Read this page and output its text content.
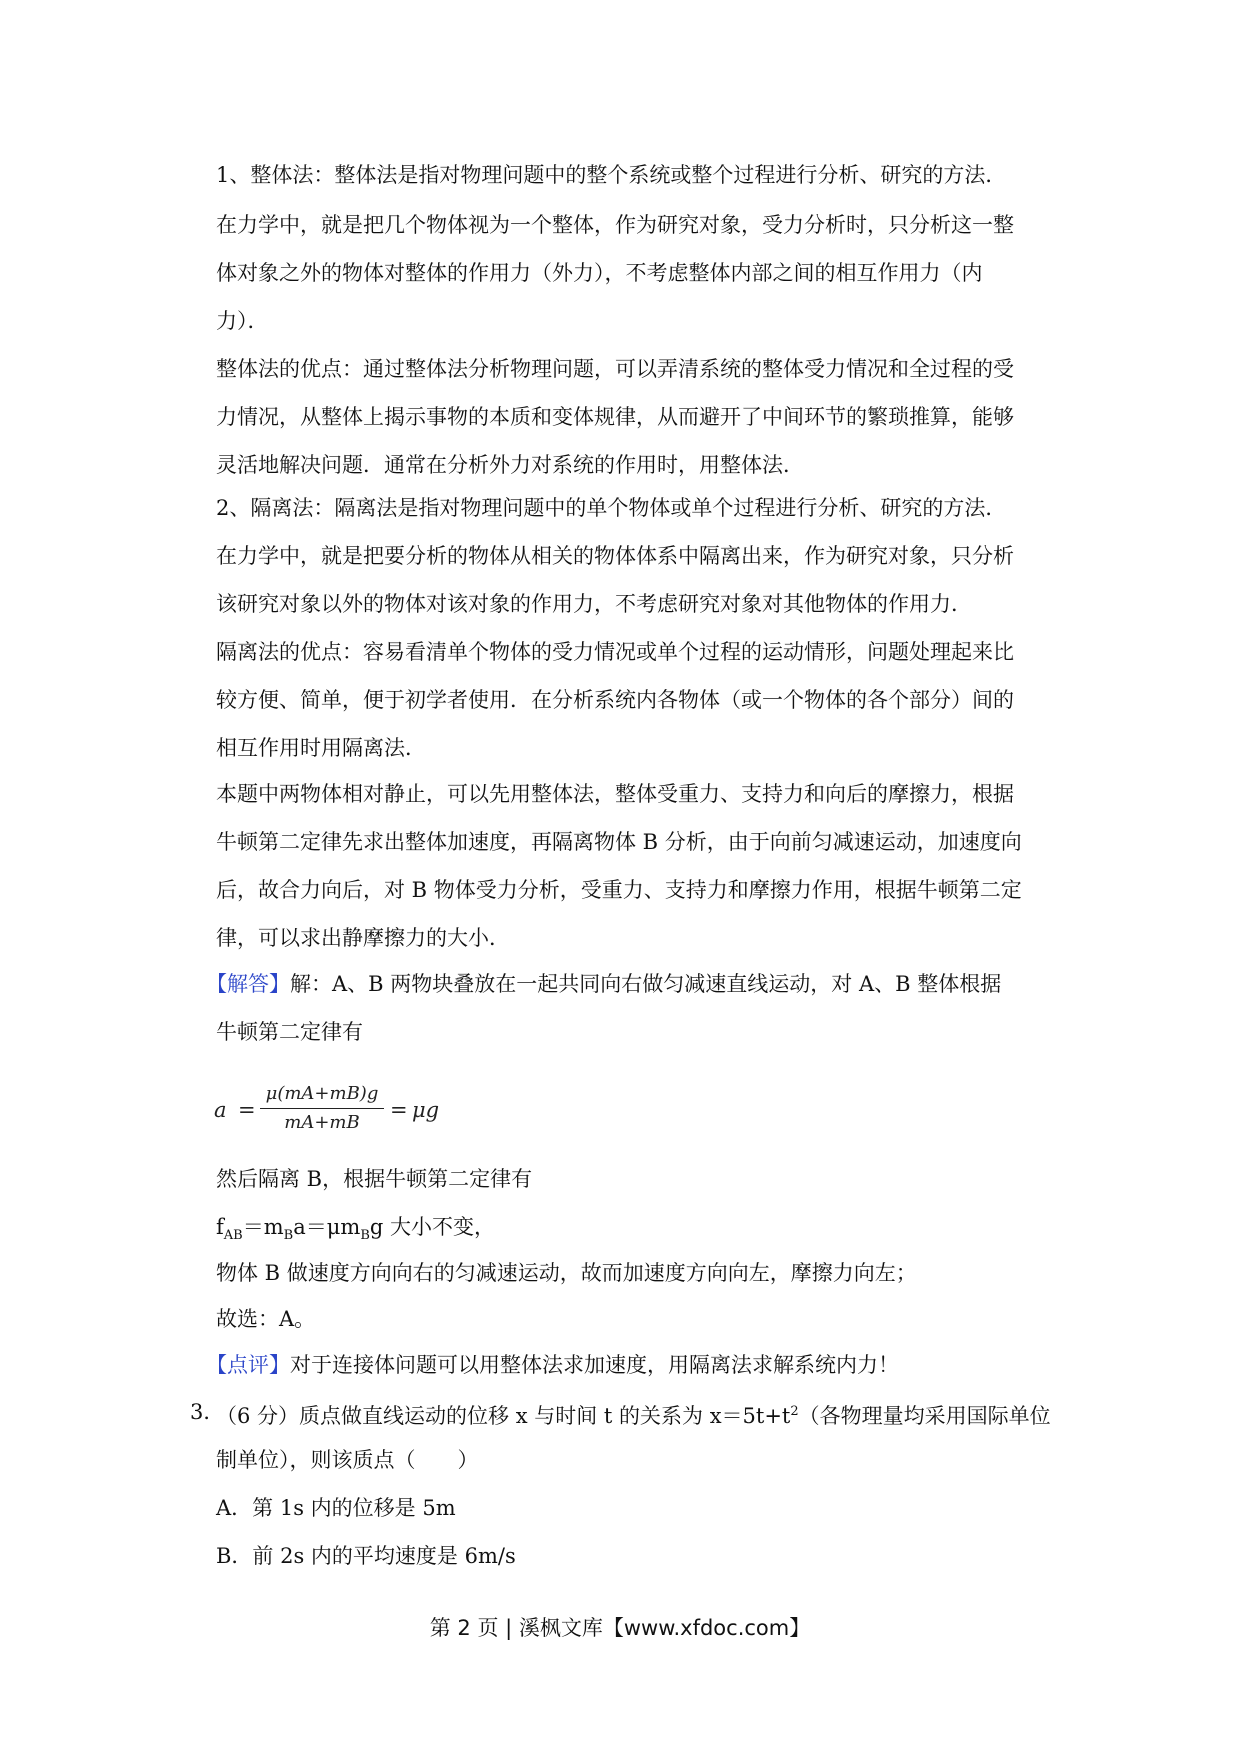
1、整体法：整体法是指对物理问题中的整个系统或整个过程进行分析、研究的方法．
在力学中，就是把几个物体视为一个整体，作为研究对象，受力分析时，只分析这一整
体对象之外的物体对整体的作用力（外力），不考虑整体内部之间的相互作用力（内
力）．
整体法的优点：通过整体法分析物理问题，可以弄清系统的整体受力情况和全过程的受
力情况，从整体上揭示事物的本质和变体规律，从而避开了中间环节的繁琐推算，能够
灵活地解决问题．通常在分析外力对系统的作用时，用整体法．
2、隔离法：隔离法是指对物理问题中的单个物体或单个过程进行分析、研究的方法．
在力学中，就是把要分析的物体从相关的物体体系中隔离出来，作为研究对象，只分析
该研究对象以外的物体对该对象的作用力，不考虑研究对象对其他物体的作用力．
隔离法的优点：容易看清单个物体的受力情况或单个过程的运动情形，问题处理起来比
较方便、简单，便于初学者使用．在分析系统内各物体（或一个物体的各个部分）间的
相互作用时用隔离法．
本题中两物体相对静止，可以先用整体法，整体受重力、支持力和向后的摩擦力，根据
牛顿第二定律先求出整体加速度，再隔离物体 B 分析，由于向前匀减速运动，加速度向
后，故合力向后，对 B 物体受力分析，受重力、支持力和摩擦力作用，根据牛顿第二定
律，可以求出静摩擦力的大小．
【解答】解：A、B 两物块叠放在一起共同向右做匀减速直线运动，对 A、B 整体根据
牛顿第二定律有
a =
μ(mA+mB)g
mA+mB
= μg
然后隔离 B，根据牛顿第二定律有
$f_{AB}=m_Ba=\mu m_Bg$ 大小不变，
物体 B 做速度方向向右的匀减速运动，故而加速度方向向左，摩擦力向左；
故选：A。
【点评】对于连接体问题可以用整体法求加速度，用隔离法求解系统内力！
3．
（6 分）质点做直线运动的位移 x 与时间 t 的关系为 $x=5t+t^2$（各物理量均采用国际单位
制单位），则该质点（　　）
A．第 1s 内的位移是 5m
B．前 2s 内的平均速度是 6m/s
第 2 页 | 溪枫文库【www.xfdoc.com】
